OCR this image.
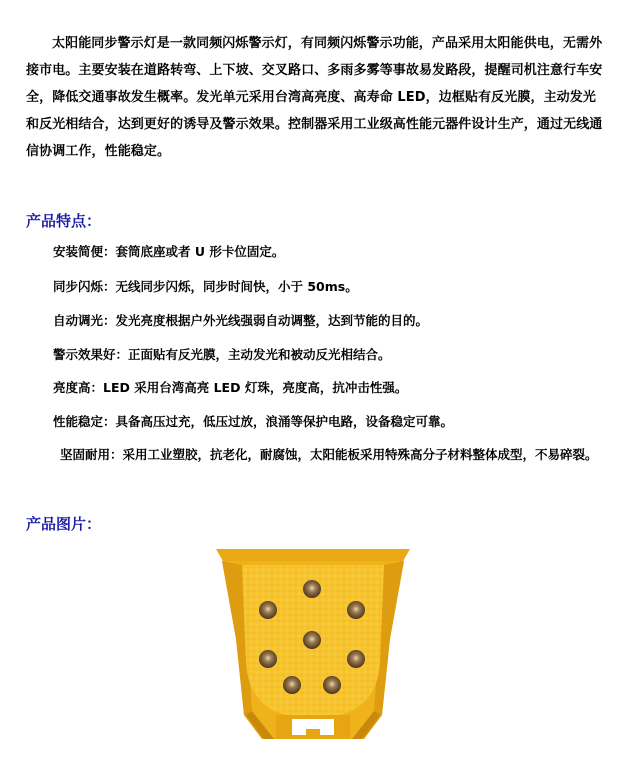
太阳能同步警示灯是一款同频闪烁警示灯，有同频闪烁警示功能，产品采用太阳能供电，无需外接市电。主要安装在道路转弯、上下坡、交叉路口、多雨多雾等事故易发路段，提醒司机注意行车安全，降低交通事故发生概率。发光单元采用台湾高亮度、高寿命 LED，边框贴有反光膜，主动发光和反光相结合，达到更好的诱导及警示效果。控制器采用工业级高性能元器件设计生产，通过无线通信协调工作，性能稳定。

产品特点：
安装简便：套筒底座或者 U 形卡位固定。
同步闪烁：无线同步闪烁，同步时间快，小于 50ms。
自动调光：发光亮度根据户外光线强弱自动调整，达到节能的目的。
警示效果好：正面贴有反光膜，主动发光和被动反光相结合。
亮度高：LED 采用台湾高亮 LED 灯珠，亮度高，抗冲击性强。
性能稳定：具备高压过充，低压过放，浪涌等保护电路，设备稳定可靠。
坚固耐用：采用工业塑胶，抗老化，耐腐蚀，太阳能板采用特殊高分子材料整体成型，不易碎裂。
产品图片：
